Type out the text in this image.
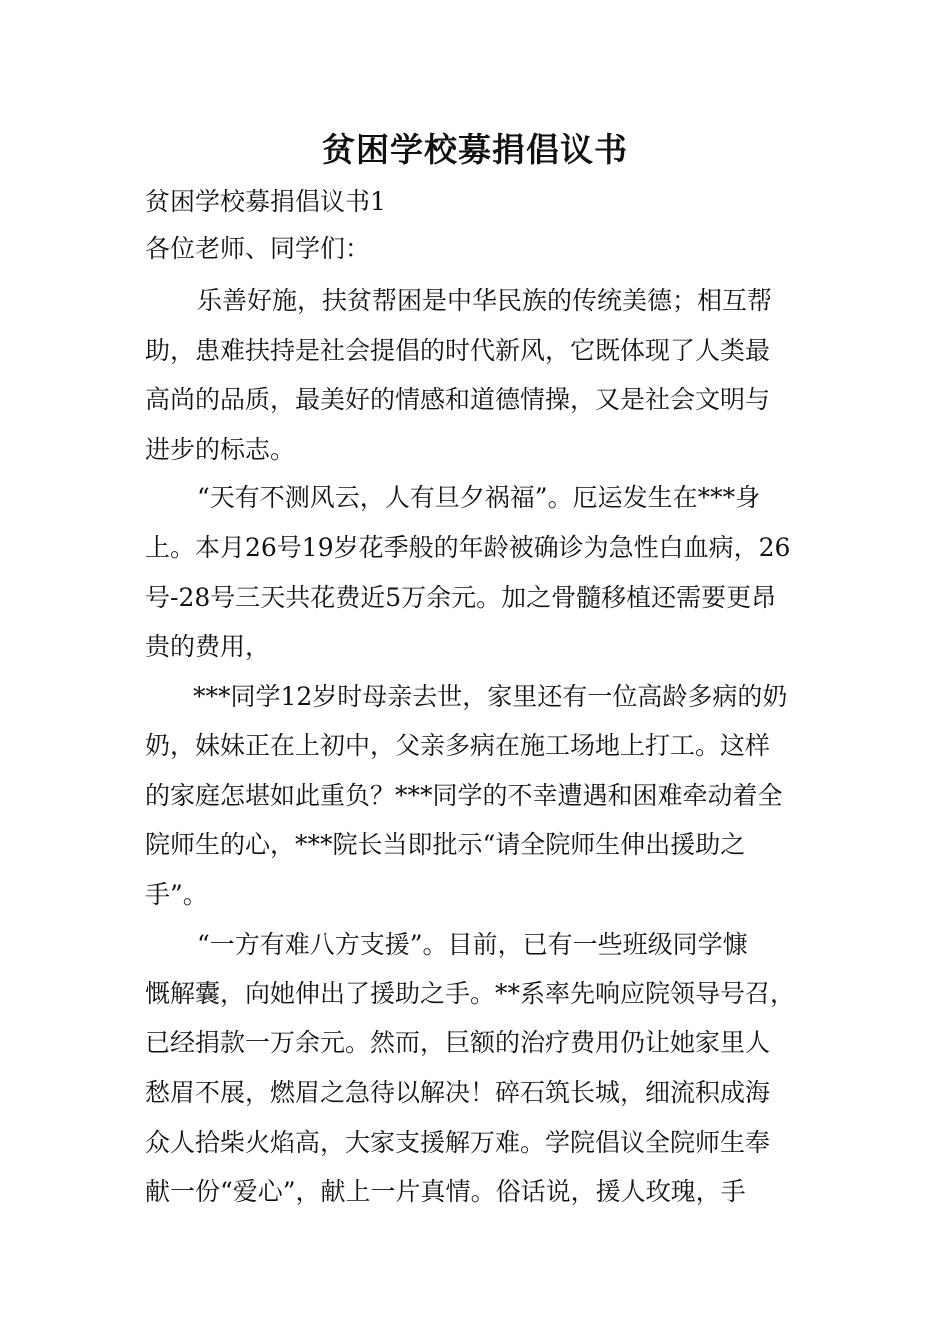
贫困学校募捐倡议书
贫困学校募捐倡议书1
各位老师、同学们：
乐善好施，扶贫帮困是中华民族的传统美德；相互帮
助，患难扶持是社会提倡的时代新风，它既体现了人类最
高尚的品质，最美好的情感和道德情操，又是社会文明与
进步的标志。
“天有不测风云，人有旦夕祸福”。厄运发生在***身
上。本月26号19岁花季般的年龄被确诊为急性白血病，26
号-28号三天共花费近5万余元。加之骨髓移植还需要更昂
贵的费用，
***同学12岁时母亲去世，家里还有一位高龄多病的奶
奶，妹妹正在上初中，父亲多病在施工场地上打工。这样
的家庭怎堪如此重负？***同学的不幸遭遇和困难牵动着全
院师生的心，***院长当即批示“请全院师生伸出援助之
手”。
“一方有难八方支援”。目前，已有一些班级同学慷
慨解囊，向她伸出了援助之手。**系率先响应院领导号召，
已经捐款一万余元。然而，巨额的治疗费用仍让她家里人
愁眉不展，燃眉之急待以解决！碎石筑长城，细流积成海
众人拾柴火焰高，大家支援解万难。学院倡议全院师生奉
献一份“爱心”，献上一片真情。俗话说，援人玫瑰，手
